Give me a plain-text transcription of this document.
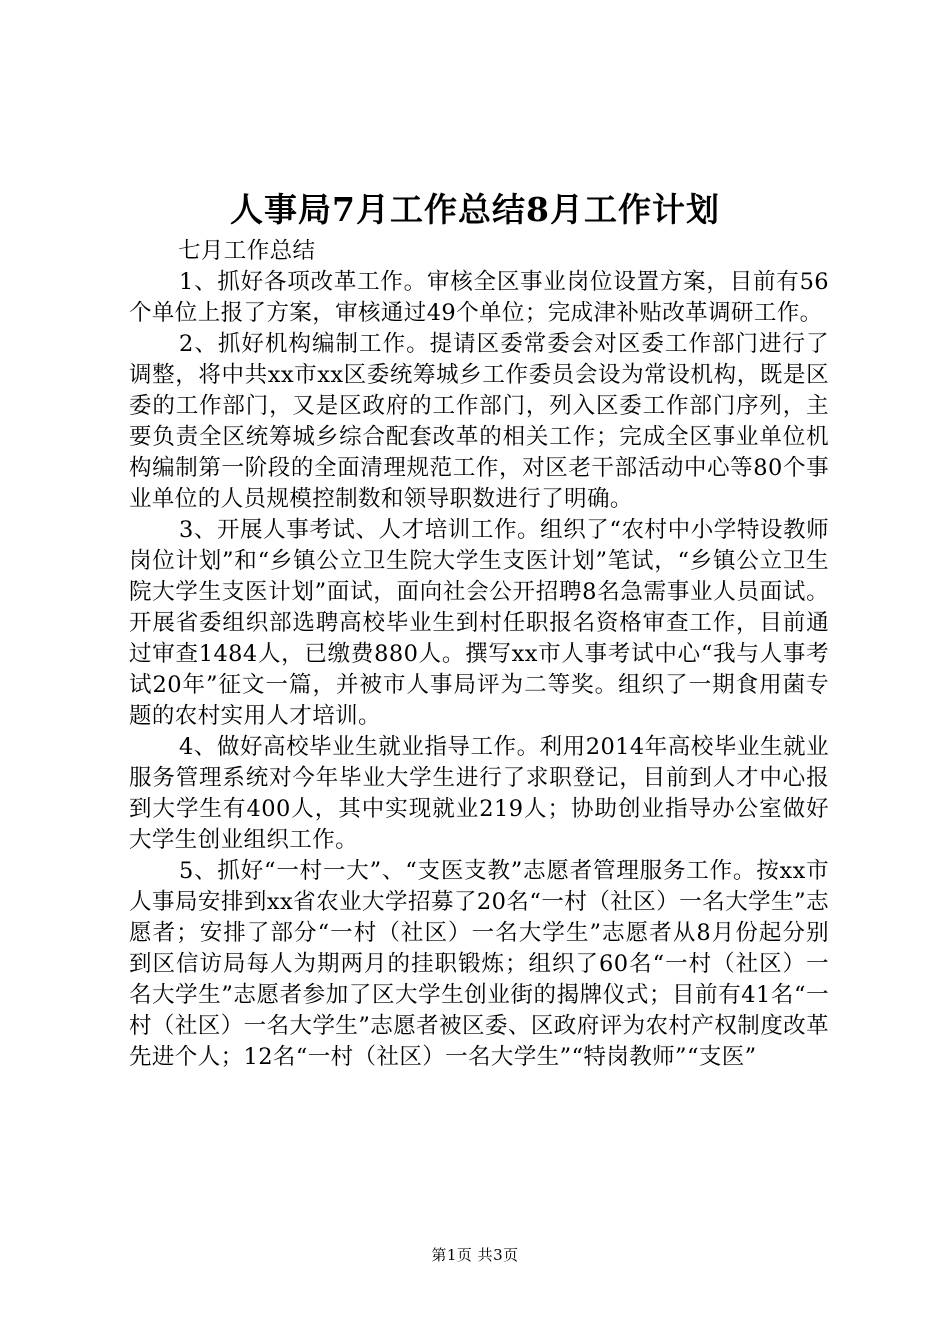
人事局7月工作总结8月工作计划

七月工作总结

1、抓好各项改革工作。审核全区事业岗位设置方案，目前有56个单位上报了方案，审核通过49个单位；完成津补贴改革调研工作。

2、抓好机构编制工作。提请区委常委会对区委工作部门进行了调整，将中共xx市xx区委统筹城乡工作委员会设为常设机构，既是区委的工作部门，又是区政府的工作部门，列入区委工作部门序列，主要负责全区统筹城乡综合配套改革的相关工作；完成全区事业单位机构编制第一阶段的全面清理规范工作，对区老干部活动中心等80个事业单位的人员规模控制数和领导职数进行了明确。

3、开展人事考试、人才培训工作。组织了“农村中小学特设教师岗位计划”和“乡镇公立卫生院大学生支医计划”笔试，“乡镇公立卫生院大学生支医计划”面试，面向社会公开招聘8名急需事业人员面试。开展省委组织部选聘高校毕业生到村任职报名资格审查工作，目前通过审查1484人，已缴费880人。撰写xx市人事考试中心“我与人事考试20年”征文一篇，并被市人事局评为二等奖。组织了一期食用菌专题的农村实用人才培训。

4、做好高校毕业生就业指导工作。利用2014年高校毕业生就业服务管理系统对今年毕业大学生进行了求职登记，目前到人才中心报到大学生有400人，其中实现就业219人；协助创业指导办公室做好大学生创业组织工作。

5、抓好“一村一大”、“支医支教”志愿者管理服务工作。按xx市人事局安排到xx省农业大学招募了20名“一村（社区）一名大学生”志愿者；安排了部分“一村（社区）一名大学生”志愿者从8月份起分别到区信访局每人为期两月的挂职锻炼；组织了60名“一村（社区）一名大学生”志愿者参加了区大学生创业街的揭牌仪式；目前有41名“一村（社区）一名大学生”志愿者被区委、区政府评为农村产权制度改革先进个人；12名“一村（社区）一名大学生”“特岗教师”“支医”

第1页 共3页
